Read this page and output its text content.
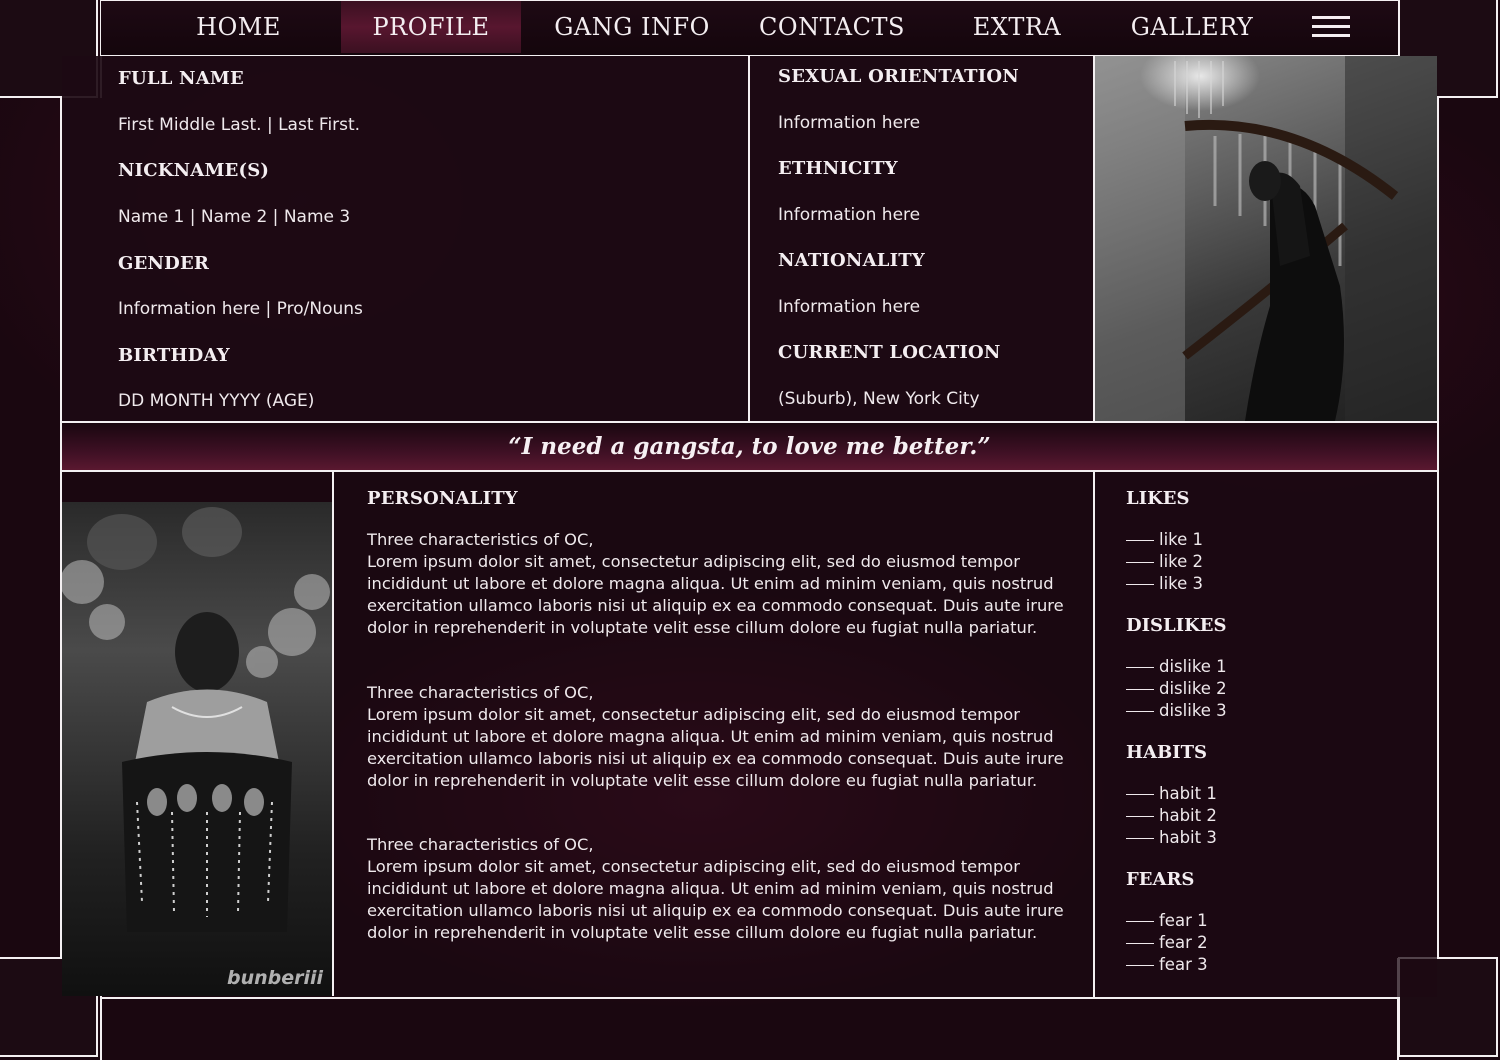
HOME	PROFILE	GANG INFO CONTACTS	EXTRA	GALLERY
FULL NAME
First Middle Last. | Last First.
NICKNAME(S)
Name 1 | Name 2 | Name 3
GENDER
Information here | Pro/Nouns
BIRTHDAY
DD MONTH YYYY (AGE)
SEXUAL ORIENTATION
Information here
ETHNICITY
Information here
NATIONALITY
Information here
CURRENT LOCATION
(Suburb), New York City
“I need a gangsta, to love me better.”
bunberiii
PERSONALITY
Three characteristics of OC,
Lorem ipsum dolor sit amet, consectetur adipiscing elit, sed do eiusmod tempor incididunt ut labore et dolore magna aliqua. Ut enim ad minim veniam, quis nostrud exercitation ullamco laboris nisi ut aliquip ex ea commodo consequat. Duis aute irure dolor in reprehenderit in voluptate velit esse cillum dolore eu fugiat nulla pariatur.
Three characteristics of OC,
Lorem ipsum dolor sit amet, consectetur adipiscing elit, sed do eiusmod tempor incididunt ut labore et dolore magna aliqua. Ut enim ad minim veniam, quis nostrud exercitation ullamco laboris nisi ut aliquip ex ea commodo consequat. Duis aute irure dolor in reprehenderit in voluptate velit esse cillum dolore eu fugiat nulla pariatur.
Three characteristics of OC,
Lorem ipsum dolor sit amet, consectetur adipiscing elit, sed do eiusmod tempor incididunt ut labore et dolore magna aliqua. Ut enim ad minim veniam, quis nostrud exercitation ullamco laboris nisi ut aliquip ex ea commodo consequat. Duis aute irure dolor in reprehenderit in voluptate velit esse cillum dolore eu fugiat nulla pariatur.
LIKES
like 1
like 2
like 3
DISLIKES
dislike 1
dislike 2
dislike 3
HABITS
habit 1
habit 2
habit 3
FEARS
fear 1
fear 2
fear 3
